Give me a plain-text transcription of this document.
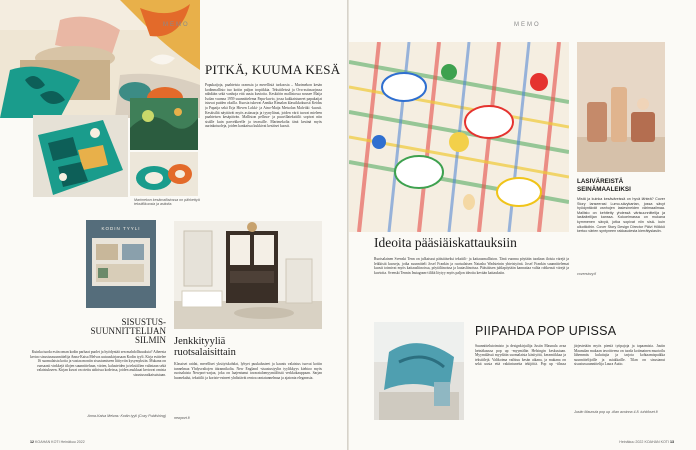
MEMO
PITKÄ, KUUMA KESÄ
Papukaijoja, paahteista oranssia ja merellistä turkoosia – Marimekon kesän kodinmallisto tuo kotiin paljon tropiikkia. Tekstiileissä ja Ova-astiasarjassa nähdään sekä vanhoja että uusia kuvioita. Keskiöön mallistossa nousee Maija Isolan vuonna 1959 suunnittelema Papu-kuvio, jossa kukkaistuneet papukaijat istuvat puiden oksilla. Kuosia tukevat Annika Rimalan klassikkokuosit Keidas ja Papaija sekä Erja Hirven Lokki- ja Aino-Maija Metsolan Malviiki -kuosit. Kesäisiltä näyttävät myös astiasarja ja tyynyliinat, joiden värit tuovat mieleen paahteisen kesäpäivän. Malliston pellava- ja puuvillatekstiilit sopivat niin sisälle kuin parvekkeelle ja terassille. Marimekolta tänä kesänä myös aurinkotuoleja, joiden kankaissa kukkivat kesäiset kuosit.
Marimekon kesämallistossa on pähkettyä tekstiilikuosia ja astioita.
KODIN TYYLI
SISUSTUS-
SUUNNITTELIJAN
SILMIN
Kuinka tuoda esiin oman kodin parhaat puolet ja hyödyntää sen mahdollisuuksia? Aiheesta kertoo sisustussuunnittelija Anna-Kaisa Melvas uutuuskirjassaan Kodin tyyli. Kirja esittelee 16 suomalaista kotia ja vastaa moniin sisustamiseen liittyviin kysymyksiin. Mukana on runsaasti vinkkejä tilojen suunnitteluun, värien, kalusteiden ja tekstiilien valintaan sekä valaistukseen. Kirjan kuvat on otettu aidoissa kodeissa, joiden asukkaat kertovat omista sisustusratkaisuistaan.
Anna-Kaisa Melvas: Kodin tyyli (Cozy Publishing)
Jenkkityyliä
ruotsalaisittain
Klassiset raidat, merelliset yksityiskohdat, lyhyet puukalusteet ja kaunis valaistus tuovat kotiin tunnelmaa Yhdysvaltojen itärannikolta. New England -sisustustyylin tyylikkyys kiehtoo myös ruotsalaista Newport-sarjaa, joka on laajentunut tavaratalomyymälöistä verkkokauppaan. Sarjan huonekalut, tekstiilit ja koriste-esineet yhdistävät rentoa rantatunnelmaa ja ajatonta eleganssia.
newport.fi
12 KOAHAN KOTI Heinäkuu 2022
MEMO
LASIVÄREISTÄ SEINÄMAALEIKSI
Mistä ja kuinka kesäväreissä on hyvä lähteä? Cover Story lanseerasi Lumo-sävykartan, jossa sävyt hyödyntävät vanhojen lasiesineiden värimaailmaa. Mallisto on kehitetty yhdessä värisuunnittelija ja lasitaiteilijan kanssa. Kokoelmassa on mukana kymmenen sävyä, jotka sopivat niin sisä- kuin ulkotiloihin. Cover Story Design Director Päivi Hölkkö kertoo värien syntyneen rakkaudesta kierrätyslasiin.
coverstory.fi
Ideoita pääsiäiskattauksiin
Ruotsalainen Svenskt Tenn on julkaissut pääsiäiseksi tekstiili- ja kattausmalliston. Tänä vuonna pöytään tuodaan iloisia värejä ja leikkisiä kuoseja, jotka suunnitteli Josef Frankin ja ruotsalaisen Natasha Wadsteinin yhteistyönä. Josef Frankin suunnittelemat kuosit toimivat myös kattausliinoissa, pöytäliinoissa ja lautasliinoissa. Pääsiäisen juhlapöytään kannattaa valita rohkeasti värejä ja kuvioita. Svenskt Tennin Instagram-tililtä löytyy myös paljon ideoita kevään kattauksiin.
PIIPAHDA POP UPISSA
Suunnittelutoimisto ja designkirjailija Justin Maunula avaa heinäkuussa pop up -myymälän Helsingin keskustaan. Myymälässä myydään suomalaista käsityötä, keramiikkaa ja tekstiilejä. Valikoima vaihtuu kesän aikana, ja mukana on sekä uusia että vakiintuneita tekijöitä. Pop up -tilassa järjestetään myös pieniä työpajoja ja tapaamisia. Justin Maunulan mukaan tavoitteena on tuoda kotimainen muotoilu lähemmäs kuluttajia ja tarjota kohtaamispaikka suunnittelijoille ja asiakkaille. Tilan on sisustanut sisustussuunnittelija Laura Autio.
Justin Maunula pop up -tilan avoinna 4.8. tuhkikset.fi
Heinäkuu 2022 KOAHAN KOTI 13
